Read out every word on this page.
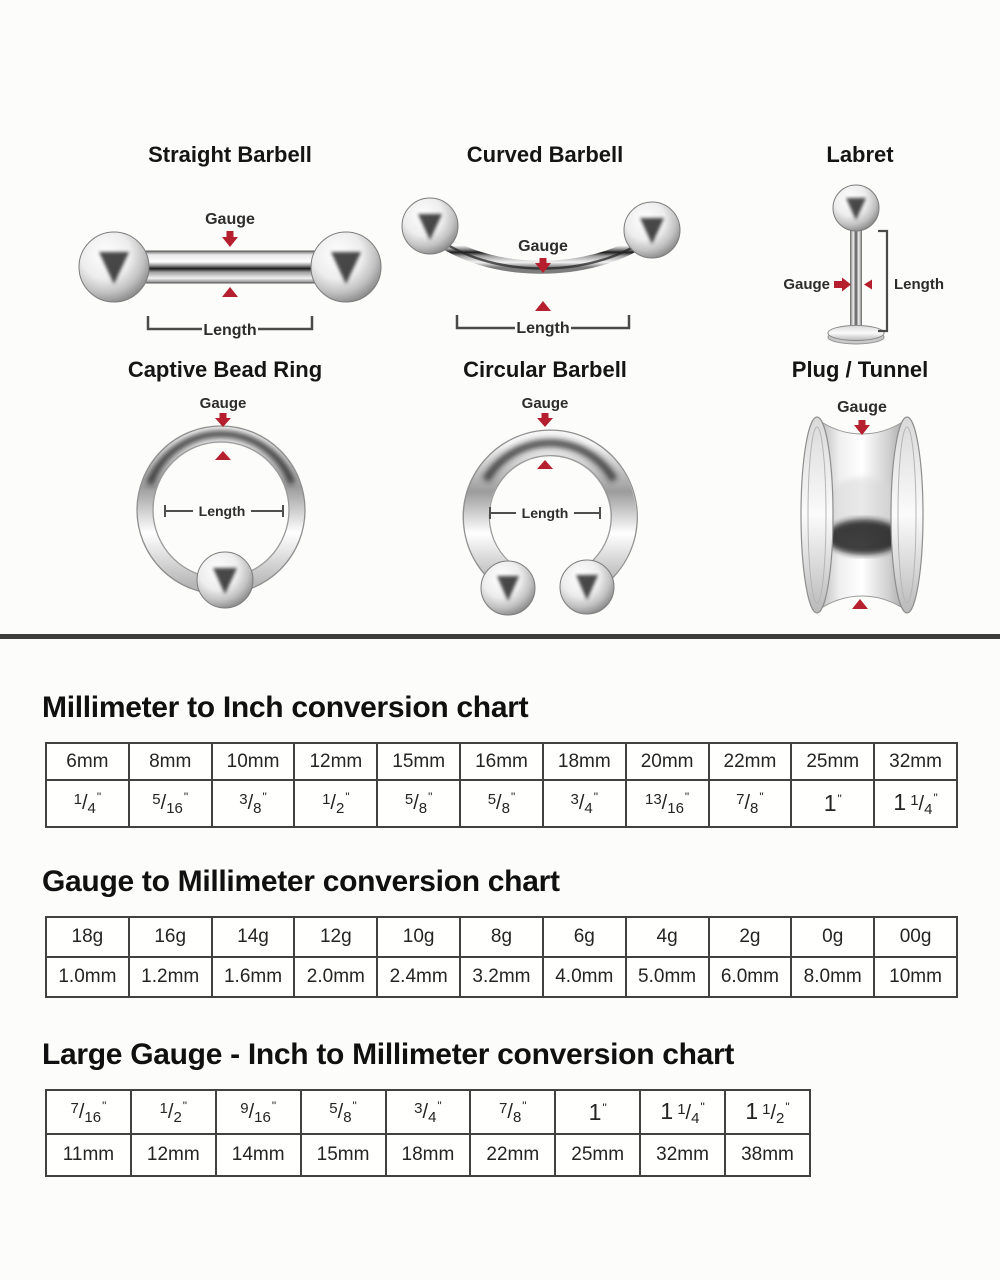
Straight Barbell
Gauge
Length
Curved Barbell
Gauge
Length
Labret
Gauge	Length
Captive Bead Ring
Gauge
Length
Circular Barbell
Gauge
Length
Plug / Tunnel
Gauge
Millimeter to Inch conversion chart
6mm	8mm	10mm	12mm	15mm	16mm	18mm	20mm	22mm	25mm	32mm
$^1/_4^"$	$^5/_{16}^"$	$^3/_8^"$	$^1/_2^"$	$^5/_8^"$	$^5/_8^"$	$^3/_4^"$	$^{13}/_{16}^"$	$^7/_8^"$	1"	1  $^1/_4^"$
Gauge to Millimeter conversion chart
18g	16g	14g	12g	10g	8g	6g	4g	2g	0g	00g
1.0mm	1.2mm	1.6mm	2.0mm	2.4mm	3.2mm	4.0mm	5.0mm	6.0mm	8.0mm	10mm
Large Gauge - Inch to Millimeter conversion chart
$^7/_{16}^"$	$^1/_2^"$	$^9/_{16}^"$	$^5/_8^"$	$^3/_4^"$	$^7/_8^"$	1"	1  $^1/_4^"$	1  $^1/_2^"$
11mm	12mm	14mm	15mm	18mm	22mm	25mm	32mm	38mm
